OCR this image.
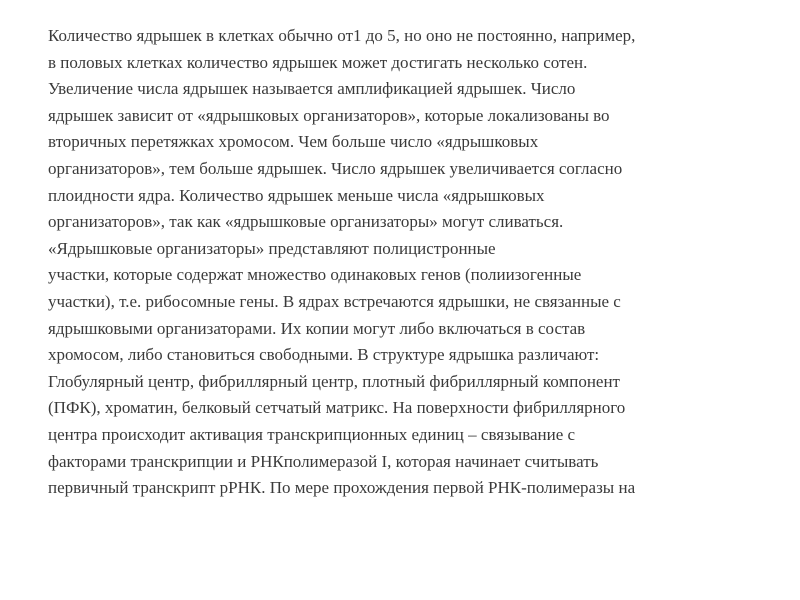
Количество ядрышек в клетках обычно от1 до 5, но оно не постоянно, например,

в половых клетках количество ядрышек может достигать несколько сотен.

Увеличение числа ядрышек называется амплификацией ядрышек. Число

ядрышек зависит от «ядрышковых организаторов», которые локализованы во

вторичных перетяжках хромосом. Чем больше число «ядрышковых

организаторов», тем больше ядрышек. Число ядрышек увеличивается согласно

плоидности ядра. Количество ядрышек меньше числа «ядрышковых

организаторов», так как «ядрышковые организаторы» могут сливаться.

«Ядрышковые организаторы» представляют полицистронные

участки, которые содержат множество одинаковых генов (полиизогенные

участки), т.е. рибосомные гены. В ядрах встречаются ядрышки, не связанные с

ядрышковыми организаторами. Их копии могут либо включаться в состав

хромосом, либо становиться свободными. В структуре ядрышка различают:

Глобулярный центр, фибриллярный центр, плотный фибриллярный компонент

(ПФК), хроматин, белковый сетчатый матрикс. На поверхности фибриллярного

центра происходит активация транскрипционных единиц – связывание с

факторами транскрипции и РНКполимеразой I, которая начинает считывать

первичный транскрипт рРНК. По мере прохождения первой РНК-полимеразы на
